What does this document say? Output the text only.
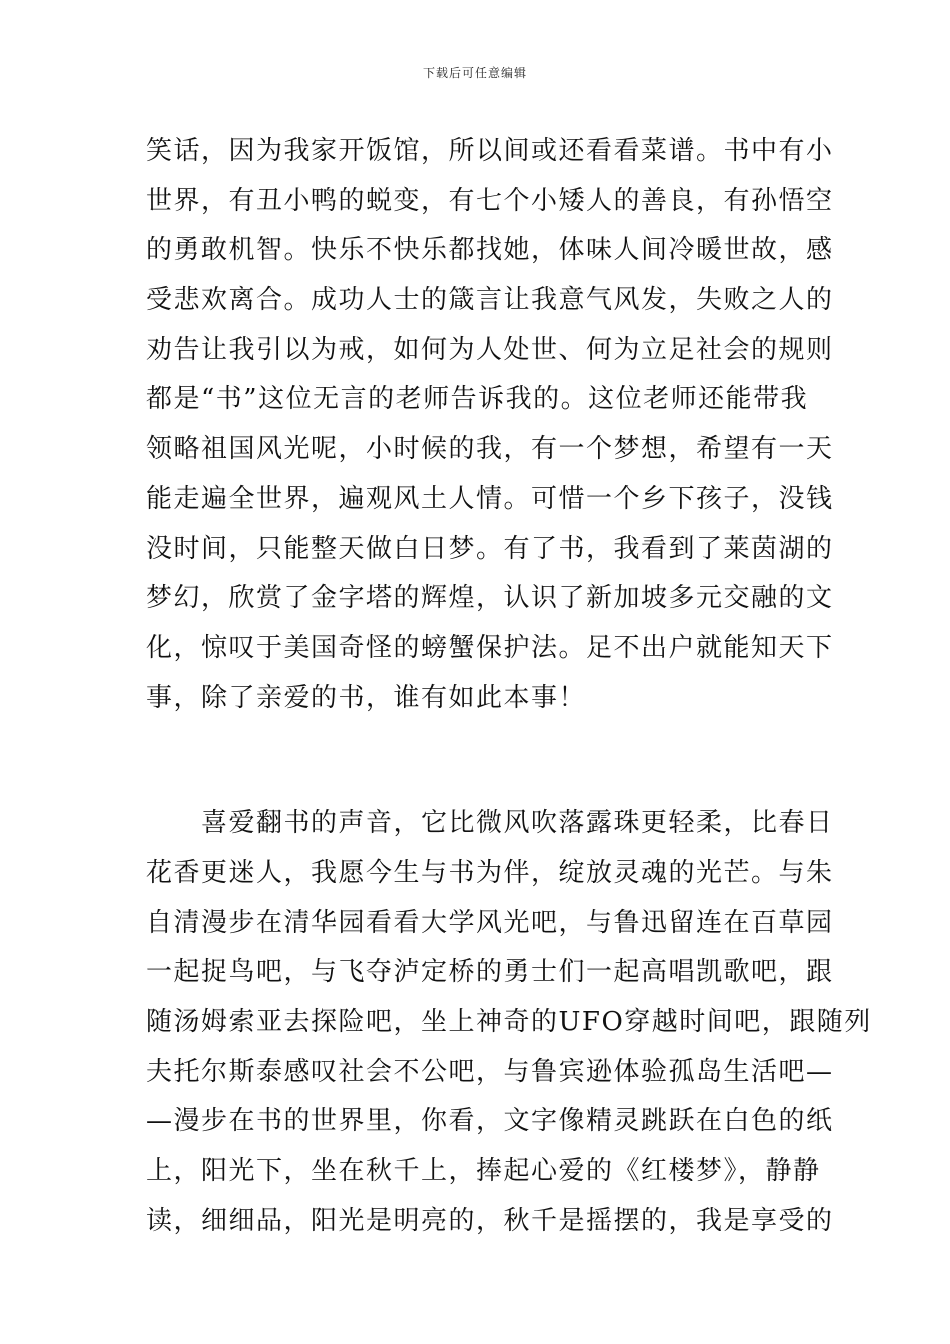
下载后可任意编辑
笑话，因为我家开饭馆，所以间或还看看菜谱。书中有小
世界，有丑小鸭的蜕变，有七个小矮人的善良，有孙悟空
的勇敢机智。快乐不快乐都找她，体味人间冷暖世故，感
受悲欢离合。成功人士的箴言让我意气风发，失败之人的
劝告让我引以为戒，如何为人处世、何为立足社会的规则
都是“书”这位无言的老师告诉我的。这位老师还能带我
领略祖国风光呢，小时候的我，有一个梦想，希望有一天
能走遍全世界，遍观风土人情。可惜一个乡下孩子，没钱
没时间，只能整天做白日梦。有了书，我看到了莱茵湖的
梦幻，欣赏了金字塔的辉煌，认识了新加坡多元交融的文
化，惊叹于美国奇怪的螃蟹保护法。足不出户就能知天下
事，除了亲爱的书，谁有如此本事！
　　喜爱翻书的声音，它比微风吹落露珠更轻柔，比春日
花香更迷人，我愿今生与书为伴，绽放灵魂的光芒。与朱
自清漫步在清华园看看大学风光吧，与鲁迅留连在百草园
一起捉鸟吧，与飞夺泸定桥的勇士们一起高唱凯歌吧，跟
随汤姆索亚去探险吧，坐上神奇的UFO穿越时间吧，跟随列
夫托尔斯泰感叹社会不公吧，与鲁宾逊体验孤岛生活吧—
—漫步在书的世界里，你看，文字像精灵跳跃在白色的纸
上，阳光下，坐在秋千上，捧起心爱的《红楼梦》，静静
读，细细品，阳光是明亮的，秋千是摇摆的，我是享受的
